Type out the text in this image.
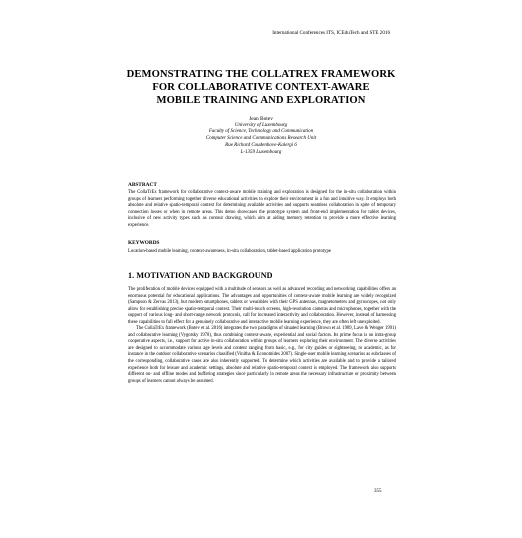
International Conferences ITS, ICEduTech and STE 2016
DEMONSTRATING THE COLLATREX FRAMEWORK
FOR COLLABORATIVE CONTEXT-AWARE
MOBILE TRAINING AND EXPLORATION
Jean Botev
University of Luxembourg
Faculty of Science, Technology and Communication
Computer Science and Communications Research Unit
Rue Richard Coudenhove-Kalergi 6
L-1359 Luxembourg
ABSTRACT
The CollaTrEx framework for collaborative context-aware mobile training and exploration is designed for the in-situ collaboration within groups of learners performing together diverse educational activities to explore their environment in a fun and intuitive way. It employs both absolute and relative spatio-temporal context for determining available activities and supports seamless collaboration in spite of temporary connection losses or when in remote areas. This demo showcases the prototype system and front-end implementation for tablet devices, inclusive of new activity types such as contour drawing, which aim at aiding memory retention to provide a more effective learning experience.
KEYWORDS
Location-based mobile learning, context-awareness, in-situ collaboration, tablet-based application prototype
1. MOTIVATION AND BACKGROUND

The proliferation of mobile devices equipped with a multitude of sensors as well as advanced recording and networking capabilities offers an enormous potential for educational applications. The advantages and opportunities of context-aware mobile learning are widely recognized (Sampson & Zervas 2013), but modern smartphones, tablets or wearables with their GPS antennas, magnetometers and gyroscopes, not only allow for establishing precise spatio-temporal context. Their multi-touch screens, high-resolution cameras and microphones, together with the support of various long- and short-range network protocols, call for increased interactivity and collaboration. However, instead of harnessing these capabilities to full effect for a genuinely collaborative and interactive mobile learning experience, they are often left unexploited.

The CollaTrEx framework (Botev et al. 2016) integrates the two paradigms of situated learning (Brown et al. 1989, Lave & Wenger 1991) and collaborative learning (Vygotsky 1978), thus combining context-aware, experiential and social factors. Its prime focus is on intra-group cooperative aspects, i.e., support for active in-situ collaboration within groups of learners exploring their environment. The diverse activities are designed to accommodate various age levels and content ranging from basic, e.g., for city guides or sightseeing, to academic, as for instance in the outdoor collaborative scenarios classified (Vinitha & Economides 2007). Single-user mobile learning scenarios as subclasses of the corresponding, collaborative cases are also inherently supported. To determine which activities are available and to provide a tailored experience both for leisure and academic settings, absolute and relative spatio-temporal context is employed. The framework also supports different on- and offline modes and buffering strategies since particularly in remote areas the necessary infrastructure or proximity between groups of learners cannot always be assumed.

355
